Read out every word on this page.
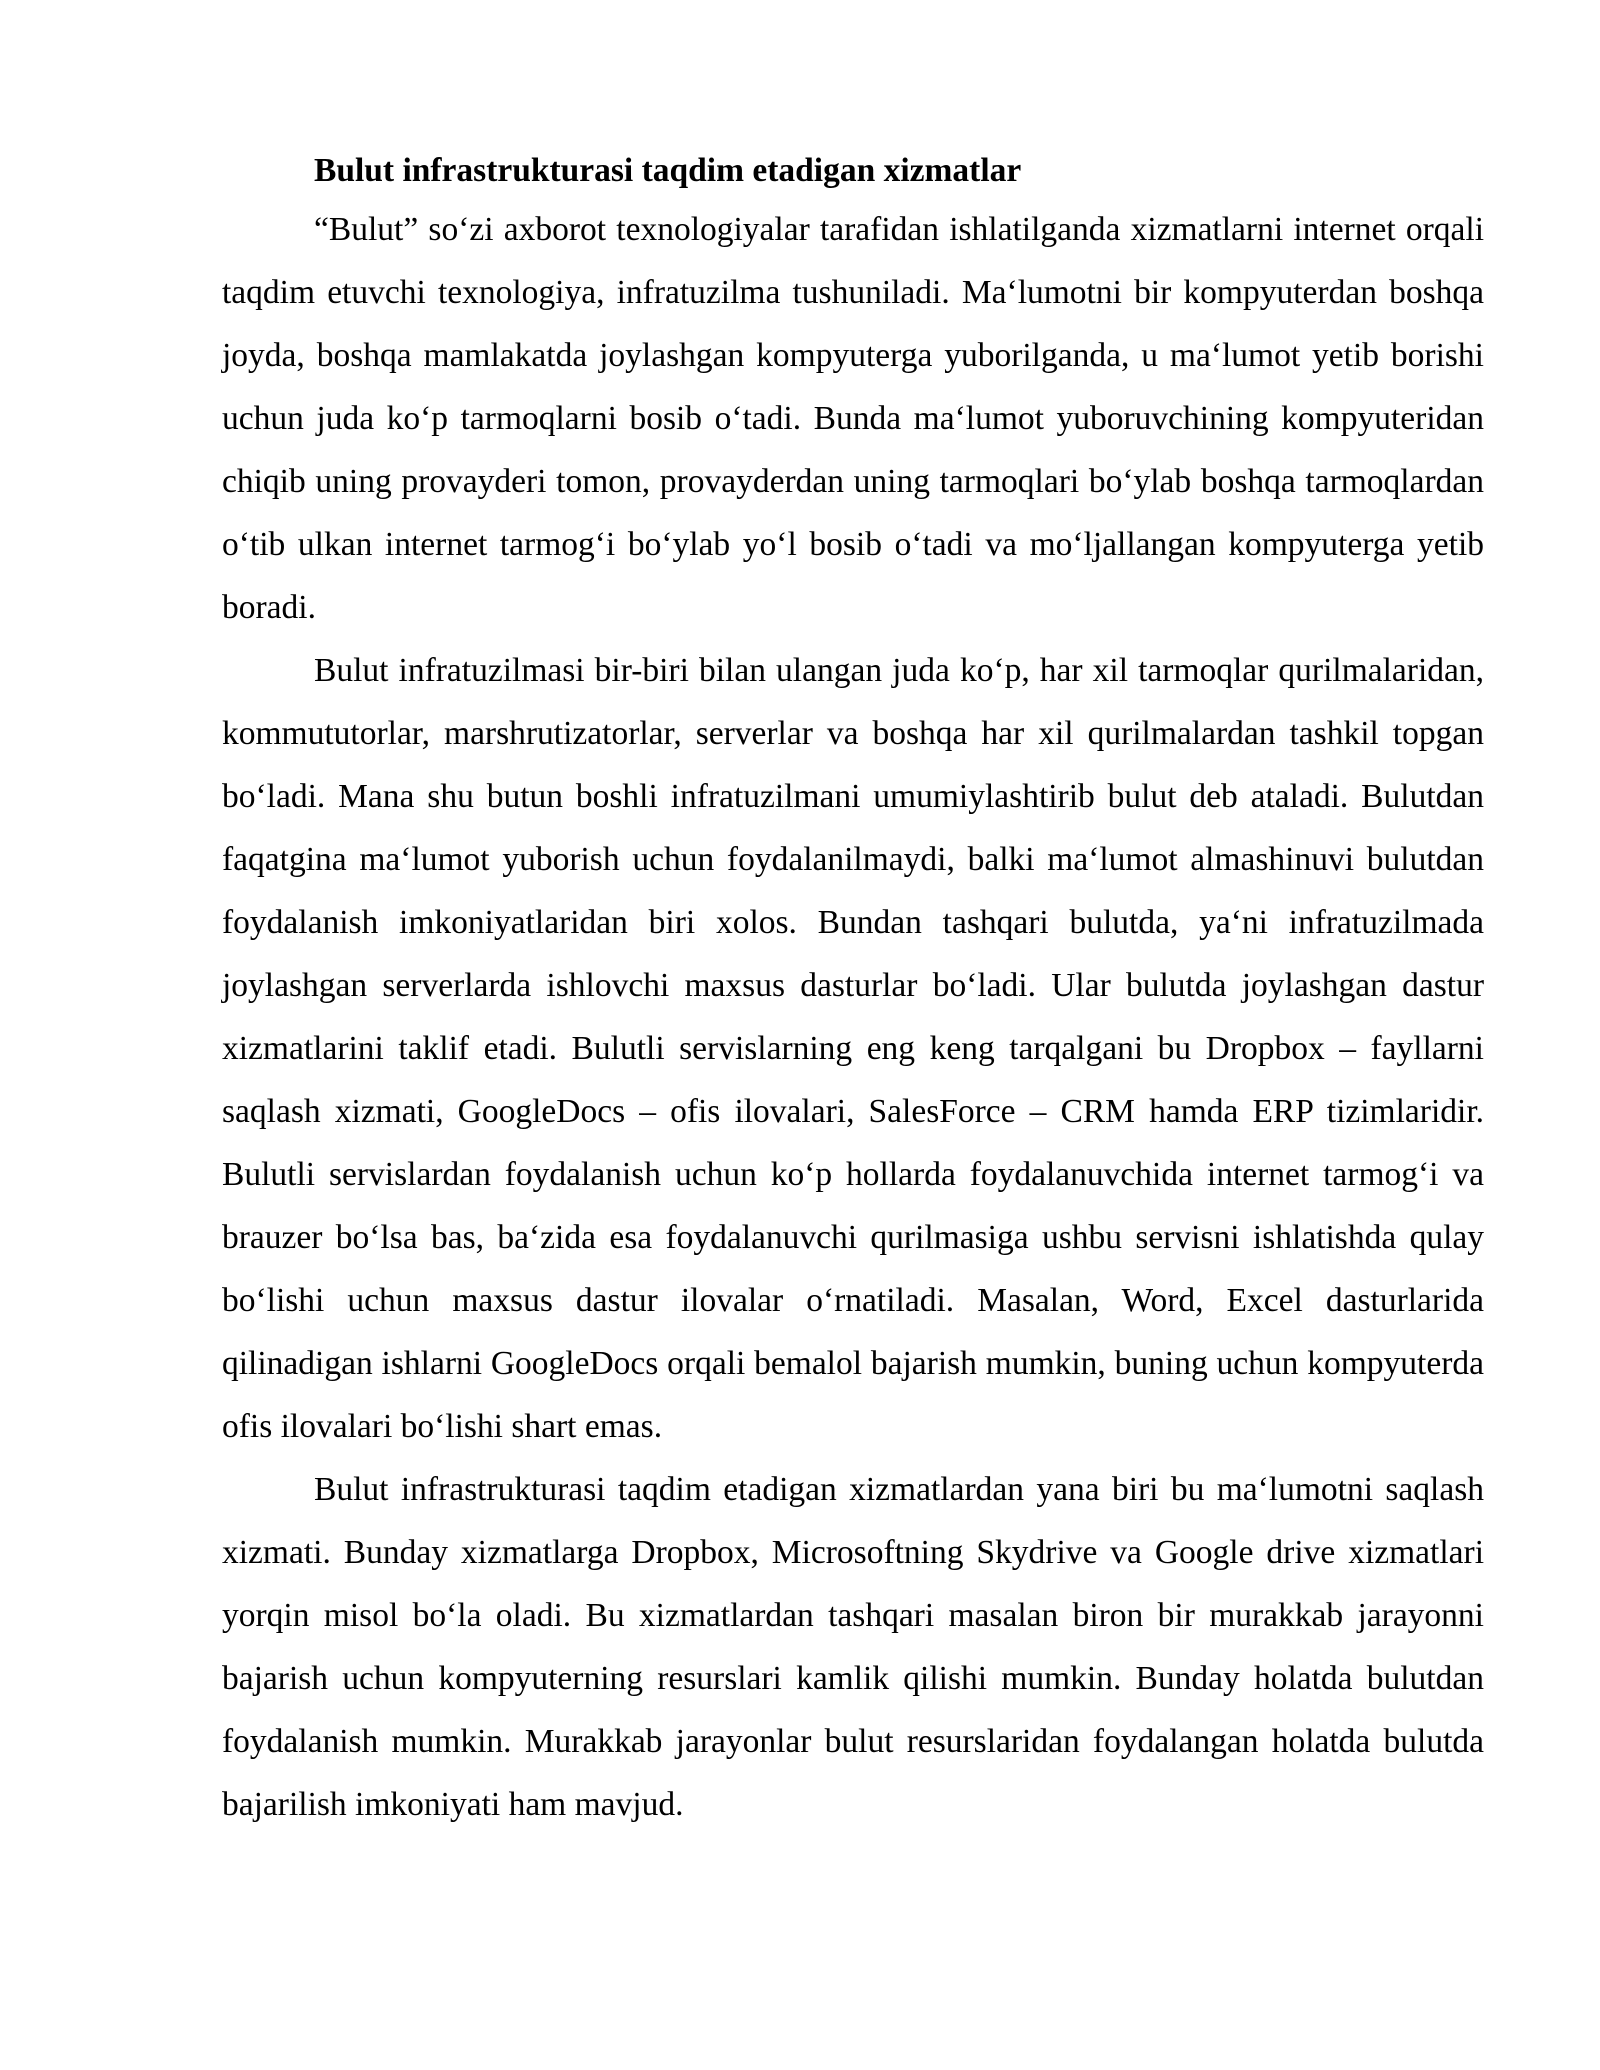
Bulut infrastrukturasi taqdim etadigan xizmatlar

“Bulut” so‘zi axborot texnologiyalar tarafidan ishlatilganda xizmatlarni internet orqali taqdim etuvchi texnologiya, infratuzilma tushuniladi. Ma‘lumotni bir kompyuterdan boshqa joyda, boshqa mamlakatda joylashgan kompyuterga yuborilganda, u ma‘lumot yetib borishi uchun juda ko‘p tarmoqlarni bosib o‘tadi. Bunda ma‘lumot yuboruvchining kompyuteridan chiqib uning provayderi tomon, provayderdan uning tarmoqlari bo‘ylab boshqa tarmoqlardan o‘tib ulkan internet tarmog‘i bo‘ylab yo‘l bosib o‘tadi va mo‘ljallangan kompyuterga yetib boradi.

Bulut infratuzilmasi bir-biri bilan ulangan juda ko‘p, har xil tarmoqlar qurilmalaridan, kommututorlar, marshrutizatorlar, serverlar va boshqa har xil qurilmalardan tashkil topgan bo‘ladi. Mana shu butun boshli infratuzilmani umumiylashtirib bulut deb ataladi. Bulutdan faqatgina ma‘lumot yuborish uchun foydalanilmaydi, balki ma‘lumot almashinuvi bulutdan foydalanish imkoniyatlaridan biri xolos. Bundan tashqari bulutda, ya‘ni infratuzilmada joylashgan serverlarda ishlovchi maxsus dasturlar bo‘ladi. Ular bulutda joylashgan dastur xizmatlarini taklif etadi. Bulutli servislarning eng keng tarqalgani bu Dropbox – fayllarni saqlash xizmati, GoogleDocs – ofis ilovalari, SalesForce – CRM hamda ERP tizimlaridir. Bulutli servislardan foydalanish uchun ko‘p hollarda foydalanuvchida internet tarmog‘i va brauzer bo‘lsa bas, ba‘zida esa foydalanuvchi qurilmasiga ushbu servisni ishlatishda qulay bo‘lishi uchun maxsus dastur ilovalar o‘rnatiladi. Masalan, Word, Excel dasturlarida qilinadigan ishlarni GoogleDocs orqali bemalol bajarish mumkin, buning uchun kompyuterda ofis ilovalari bo‘lishi shart emas.

Bulut infrastrukturasi taqdim etadigan xizmatlardan yana biri bu ma‘lumotni saqlash xizmati. Bunday xizmatlarga Dropbox, Microsoftning Skydrive va Google drive xizmatlari yorqin misol bo‘la oladi. Bu xizmatlardan tashqari masalan biron bir murakkab jarayonni bajarish uchun kompyuterning resurslari kamlik qilishi mumkin. Bunday holatda bulutdan foydalanish mumkin. Murakkab jarayonlar bulut resurslaridan foydalangan holatda bulutda bajarilish imkoniyati ham mavjud.
